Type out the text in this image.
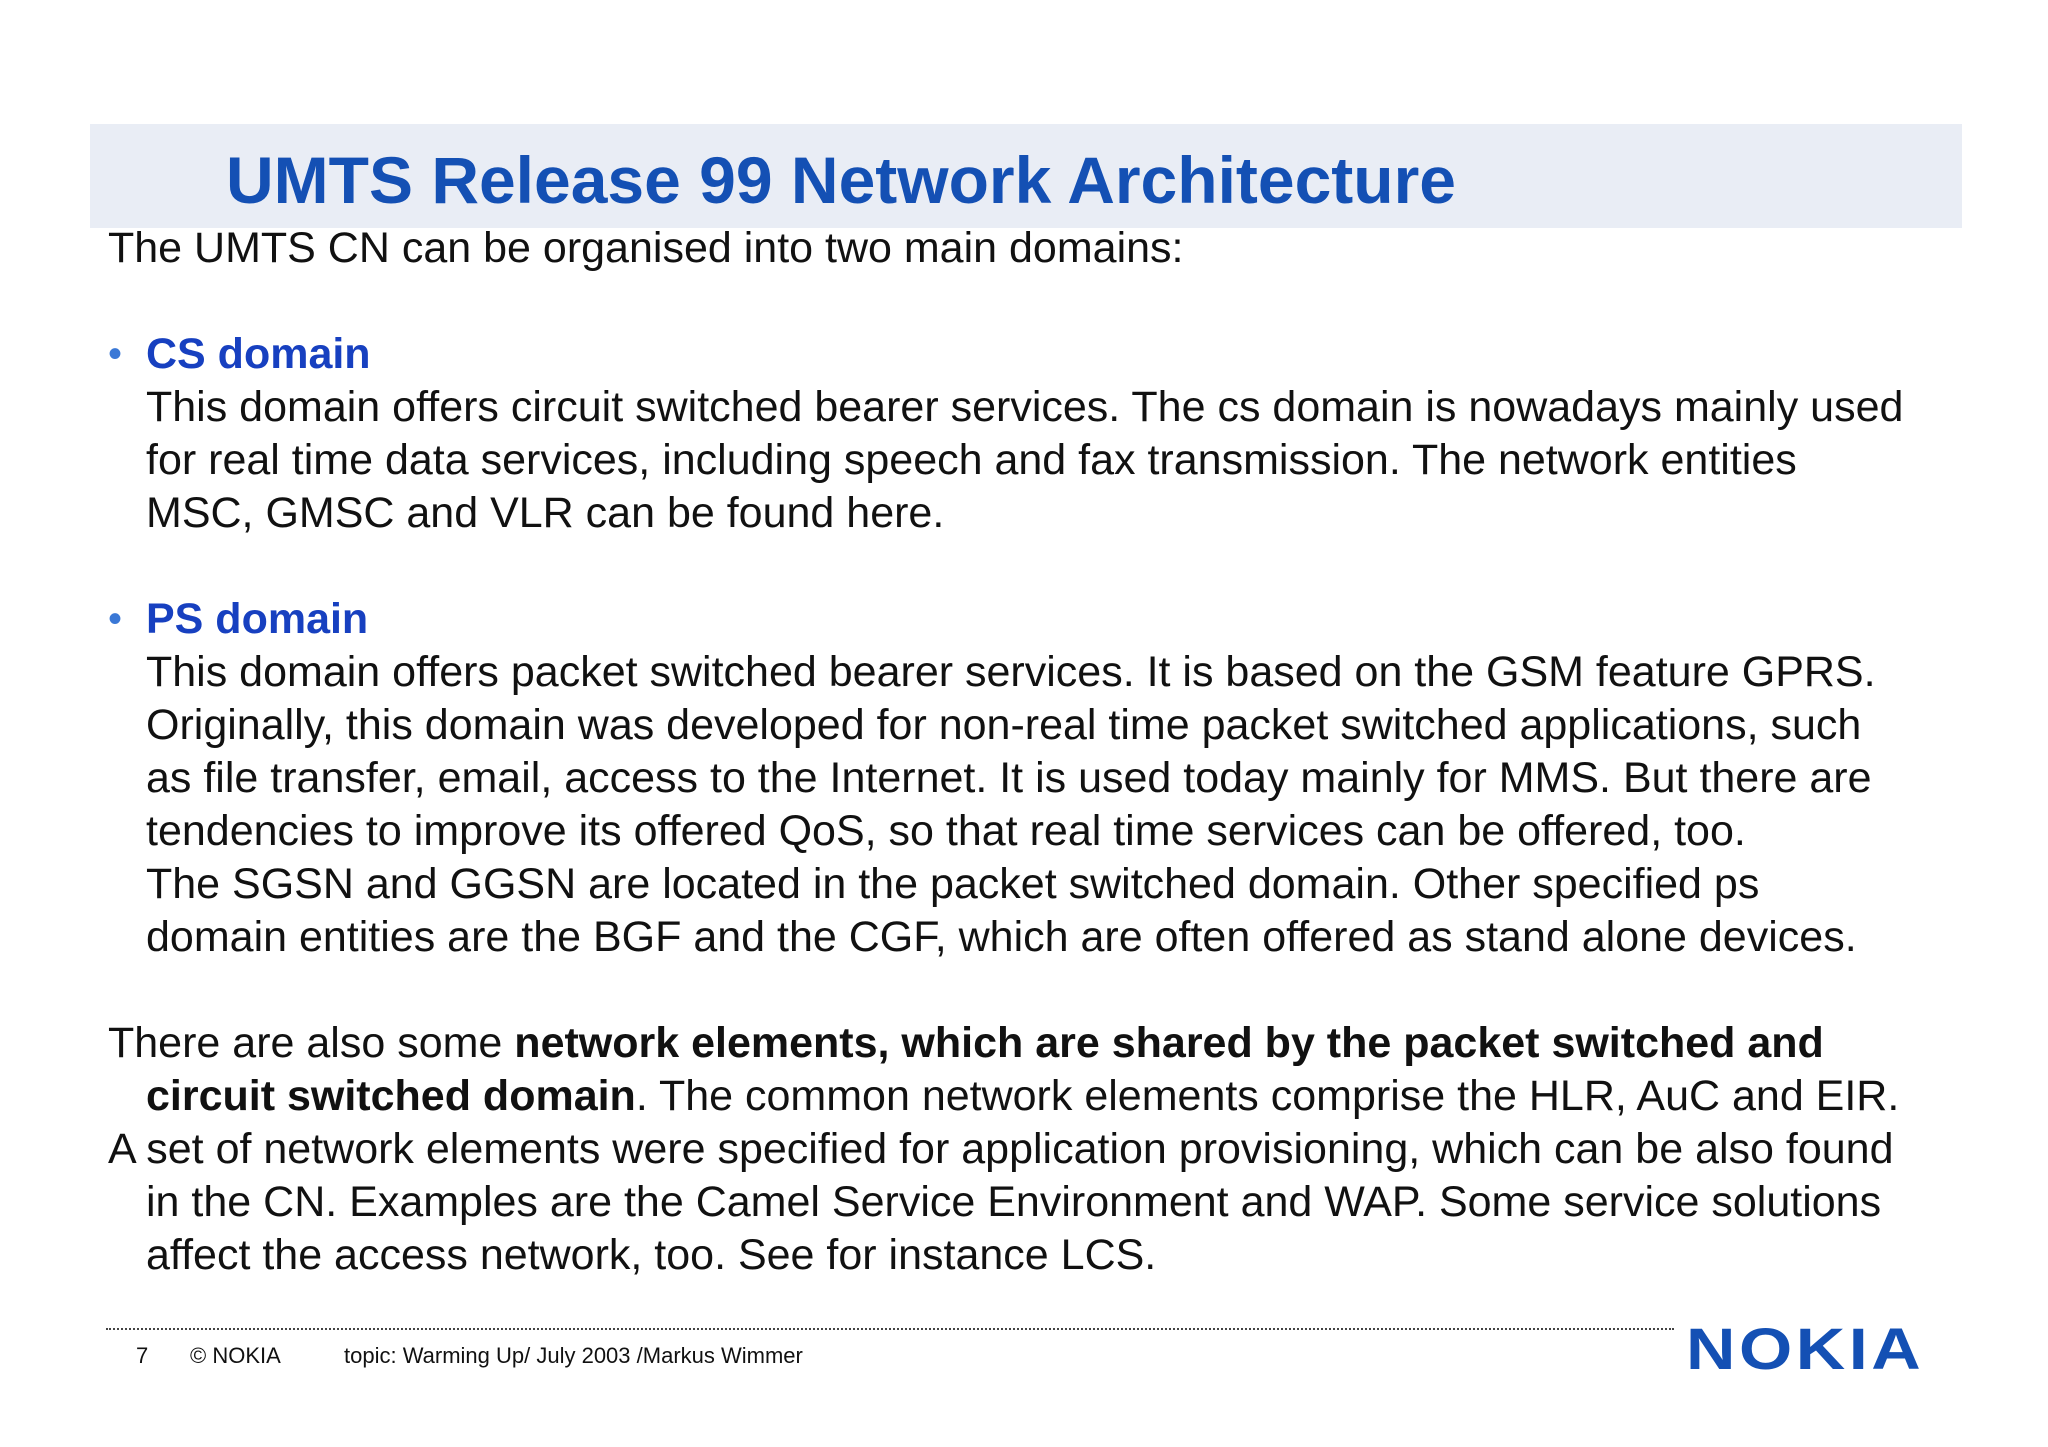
UMTS Release 99 Network Architecture

The UMTS CN can be organised into two main domains:

• CS domain

This domain offers circuit switched bearer services. The cs domain is nowadays mainly used
for real time data services, including speech and fax transmission. The network entities
MSC, GMSC and VLR can be found here.

• PS domain

This domain offers packet switched bearer services. It is based on the GSM feature GPRS.
Originally, this domain was developed for non-real time packet switched applications, such
as file transfer, email, access to the Internet. It is used today mainly for MMS. But there are
tendencies to improve its offered QoS, so that real time services can be offered, too.
The SGSN and GGSN are located in the packet switched domain. Other specified ps
domain entities are the BGF and the CGF, which are often offered as stand alone devices.

There are also some network elements, which are shared by the packet switched and
circuit switched domain. The common network elements comprise the HLR, AuC and EIR.

A set of network elements were specified for application provisioning, which can be also found
in the CN. Examples are the Camel Service Environment and WAP. Some service solutions
affect the access network, too. See for instance LCS.

7 © NOKIA	topic: Warming Up/ July 2003 /Markus Wimmer	NOKIA
